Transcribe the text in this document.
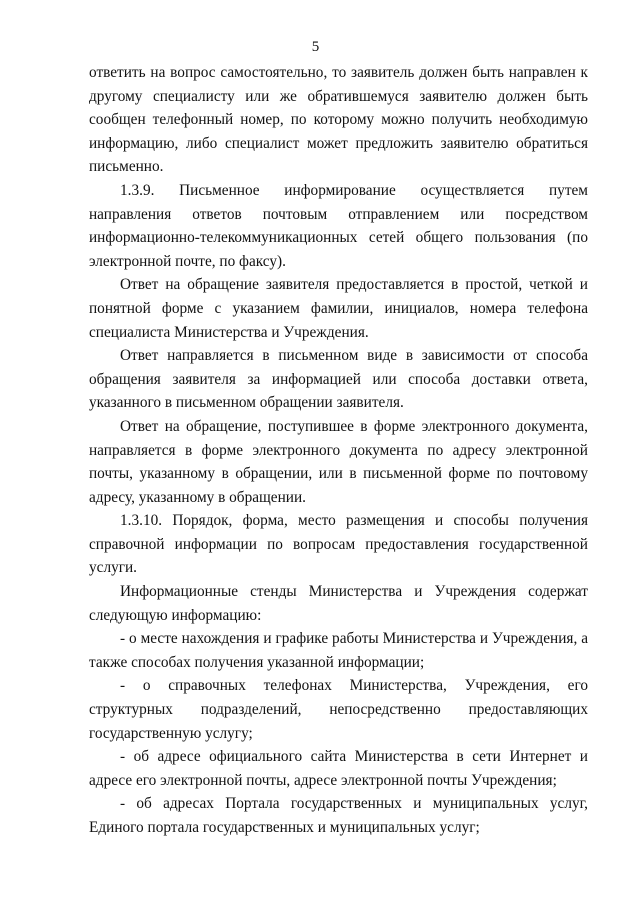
5

ответить на вопрос самостоятельно, то заявитель должен быть направлен к другому специалисту или же обратившемуся заявителю должен быть сообщен телефонный номер, по которому можно получить необходимую информацию, либо специалист может предложить заявителю обратиться письменно.

1.3.9. Письменное информирование осуществляется путем направления ответов почтовым отправлением или посредством информационно-телекоммуникационных сетей общего пользования (по электронной почте, по факсу).

Ответ на обращение заявителя предоставляется в простой, четкой и понятной форме с указанием фамилии, инициалов, номера телефона специалиста Министерства и Учреждения.

Ответ направляется в письменном виде в зависимости от способа обращения заявителя за информацией или способа доставки ответа, указанного в письменном обращении заявителя.

Ответ на обращение, поступившее в форме электронного документа, направляется в форме электронного документа по адресу электронной почты, указанному в обращении, или в письменной форме по почтовому адресу, указанному в обращении.

1.3.10. Порядок, форма, место размещения и способы получения справочной информации по вопросам предоставления государственной услуги.

Информационные стенды Министерства и Учреждения содержат следующую информацию:

- о месте нахождения и графике работы Министерства и Учреждения, а также способах получения указанной информации;

- о справочных телефонах Министерства, Учреждения, его структурных подразделений, непосредственно предоставляющих государственную услугу;

- об адресе официального сайта Министерства в сети Интернет и адресе его электронной почты, адресе электронной почты Учреждения;

- об адресах Портала государственных и муниципальных услуг, Единого портала государственных и муниципальных услуг;
